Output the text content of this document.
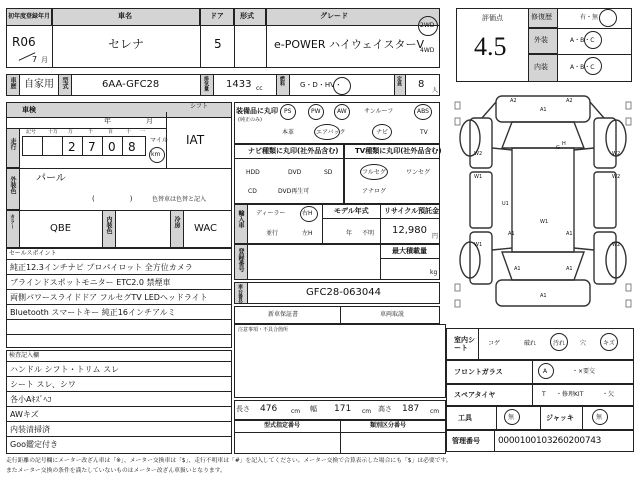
初年度登録年月	車名	ドア 形式	グレード
R06
7 月
セレナ	5	e-POWER ハイウェイスターV
2WD
4WD
車歴 自家用 型式	6AA-GFC28	排気量 1433 cc
燃料 G・D・HV・	定員 8
人
車検
年	月
シフト
IAT
走行
記号 十万 万	千	百	十 一
2 7 0 8 マイル
km
外装色 パール
(　　　　　)	色替車は色替と記入
カラー	QBE	内装色	冷房
WAC
セールスポイント
純正12.3インチナビ プロパイロット 全方位カメラ
ブラインドスポットモニター ETC2.0 禁煙車
両側パワースライドドア フルセグTV LEDヘッドライト
Bluetooth スマートキー 純正16インチアルミ
検査記入欄
ハンドル シフト・トリム スレ
シート スレ、シワ
各小Aｷｽﾞﾍｺ
AWキズ
内装清掃済
Goo鑑定付き
装備品に丸印
(純正のみ)
PS	PW	AW	サンルーフ	ABS
本革	エアバック	ナビ	TV
ナビ種類に丸印(社外品含む)
HDD	DVD	SD
CD	DVD再生可
TV種類に丸印(社外品含む)
フルセグ	ワンセグ
アナログ
輸入車 ディーラー	右H
並行	左H
モデル年式
年 不明
リサイクル預託金
12,980
円
登録番号	最大積載量
kg
車台番号	GFC28-063044
新車保証書	車両取説
注意事項・不具合箇所
長さ 476 cm 幅 171 cm 高さ 187 cm
型式指定番号	類別区分番号
評価点
4.5
修復歴	有・無
外装	A・B・C
内装	A・B・C
A2	A2
A1
A1	A1
A1
W2	W2
W1	W2
W1	W2
U1
W1
A1	A1
H
G
室内シート
コゲ	破れ	汚れ 穴	キズ
フロントガラス	A	・×要交
スペアタイヤ	T ・修理KIT	・欠
工具	無	ジャッキ	無
管理番号 0000100103260200743
走行距離の記号欄にメーター改ざん車は「※」、メーター交換車は「$」、走行不明車は「#」を記入してください。メーター交換で合算表示した場合にも「$」は必要です。
またメーター交換の条件を満たしていないものはメーター改ざん車扱いとなります。
